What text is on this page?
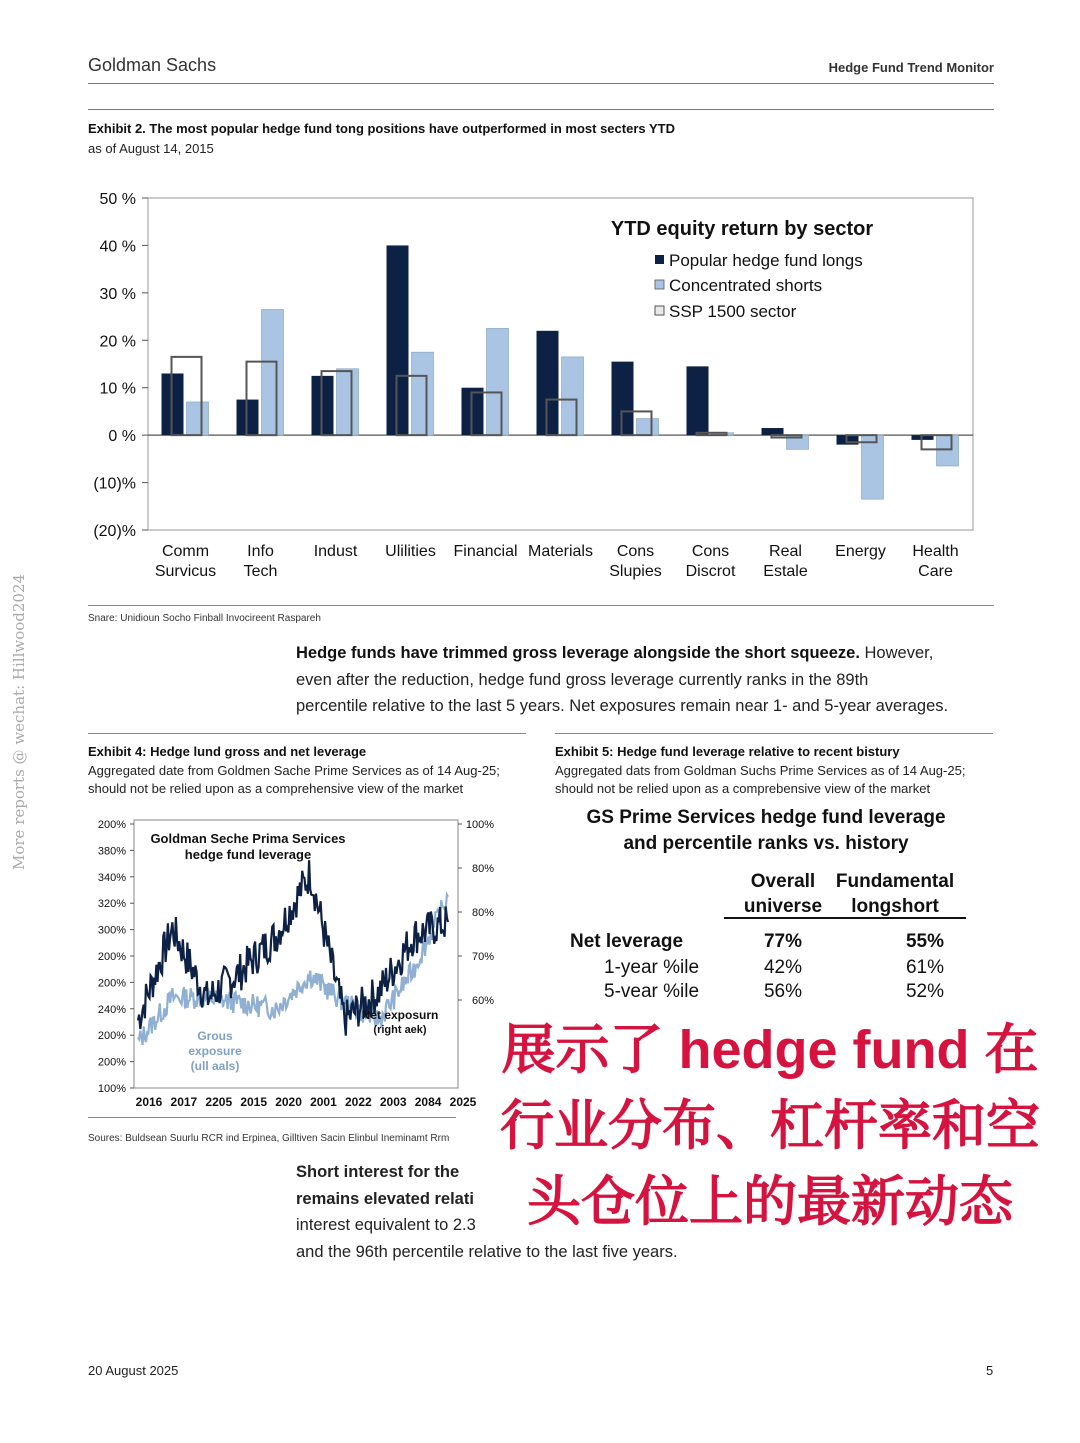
Goldman Sachs	Hedge Fund Trend Monitor
Exhibit 2. The most popular hedge fund tong positions have outperformed in most secters YTD
as of August 14, 2015
50 %
40 %
30 %
20 %
10 %
0 %
(10)%
(20)%
Comm
Survicus
Info
Tech
Indust Ulilities Financial Materials Cons
Slupies
Cons
Discrot
Real
Estale
Energy Health
Care
YTD equity return by sector
Popular hedge fund longs
Concentrated shorts
SSP 1500 sector
Snare: Unidioun Socho Finball Invocireent Raspareh
Hedge funds have trimmed gross leverage alongside the short squeeze. However,
even after the reduction, hedge fund gross leverage currently ranks in the 89th
percentile relative to the last 5 years. Net exposures remain near 1- and 5-year averages.
Exhibit 4: Hedge lund gross and net leverage
Aggregated date from Goldmen Sache Prime Services as of 14 Aug-25;
should not be relied upon as a comprehensive view of the market
200%
380%
340%
320%
300%
200%
200%
240%
200%
200%
100%
100%
80%
80%
70%
60%
2016 2017 2205 2015 2020 2001 2022 2003 2084 2025
Goldman Seche Prima Services
hedge fund leverage
Grous
exposure
(ull aals)
Net exposurn
(right aek)
Soures: Buldsean Suurlu RCR ind Erpinea, Gilltiven Sacin Elinbul Ineminamt Rrm
Exhibit 5: Hedge fund leverage relative to recent bistury
Aggregated dats from Goldman Suchs Prime Services as of 14 Aug-25;
should not be relied upon as a comprebensive view of the market
GS Prime Services hedge fund leverage
and percentile ranks vs. history
Overall
universe
Fundamental
longshort
Net leverage	77%	55%
1-year %ile	42%	61%
5-vear %ile	56%	52%
Short interest for the
remains elevated relati
interest equivalent to 2.3
and the 96th percentile relative to the last five years.
展示了 hedge fund 在
行业分布、杠杆率和空
头仓位上的最新动态
More reports @ wechat: Hillwood2024
20 August 2025	5
